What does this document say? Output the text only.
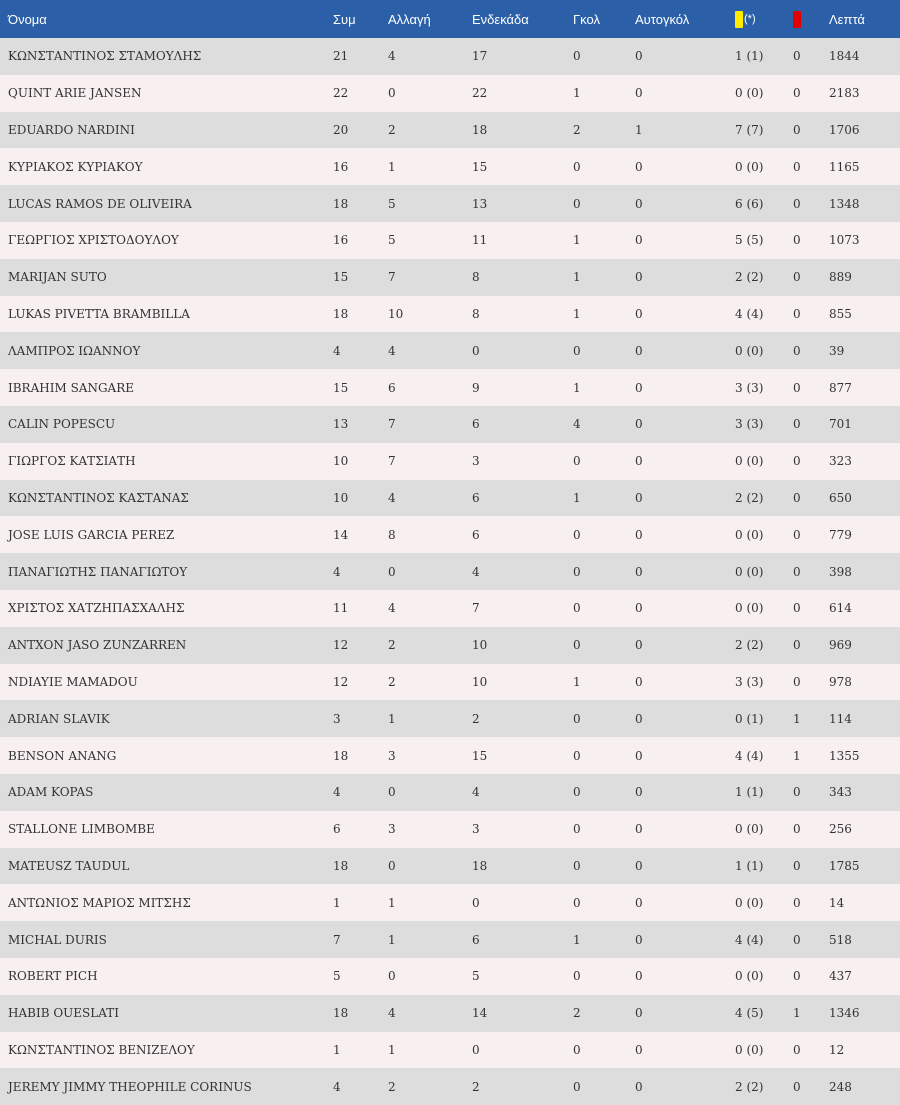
Όνομα	Συμ	Αλλαγή	Ενδεκάδα	Γκολ	Αυτογκόλ	(*)		Λεπτά
ΚΩΝΣΤΑΝΤΙΝΟΣ ΣΤΑΜΟΥΛΗΣ	21	4	17	0	0	1 (1)	0	1844
QUINT ARIE JANSEN	22	0	22	1	0	0 (0)	0	2183
EDUARDO NARDINI	20	2	18	2	1	7 (7)	0	1706
ΚΥΡΙΑΚΟΣ ΚΥΡΙΑΚΟΥ	16	1	15	0	0	0 (0)	0	1165
LUCAS RAMOS DE OLIVEIRA	18	5	13	0	0	6 (6)	0	1348
ΓΕΩΡΓΙΟΣ ΧΡΙΣΤΟΔΟΥΛΟΥ	16	5	11	1	0	5 (5)	0	1073
MARIJAN SUTO	15	7	8	1	0	2 (2)	0	889
LUKAS PIVETTA BRAMBILLA	18	10	8	1	0	4 (4)	0	855
ΛΑΜΠΡΟΣ ΙΩΑΝΝΟΥ	4	4	0	0	0	0 (0)	0	39
IBRAHIM SANGARE	15	6	9	1	0	3 (3)	0	877
CALIN POPESCU	13	7	6	4	0	3 (3)	0	701
ΓΙΩΡΓΟΣ ΚΑΤΣΙΑΤΗ	10	7	3	0	0	0 (0)	0	323
ΚΩΝΣΤΑΝΤΙΝΟΣ ΚΑΣΤΑΝΑΣ	10	4	6	1	0	2 (2)	0	650
JOSE LUIS GARCIA PEREZ	14	8	6	0	0	0 (0)	0	779
ΠΑΝΑΓΙΩΤΗΣ ΠΑΝΑΓΙΩΤΟΥ	4	0	4	0	0	0 (0)	0	398
ΧΡΙΣΤΟΣ ΧΑΤΖΗΠΑΣΧΑΛΗΣ	11	4	7	0	0	0 (0)	0	614
ANTXON JASO ZUNZARREN	12	2	10	0	0	2 (2)	0	969
NDIAYIE MAMADOU	12	2	10	1	0	3 (3)	0	978
ADRIAN SLAVIK	3	1	2	0	0	0 (1)	1	114
BENSON ANANG	18	3	15	0	0	4 (4)	1	1355
ADAM KOPAS	4	0	4	0	0	1 (1)	0	343
STALLONE LIMBOMBE	6	3	3	0	0	0 (0)	0	256
MATEUSZ TAUDUL	18	0	18	0	0	1 (1)	0	1785
ΑΝΤΩΝΙΟΣ ΜΑΡΙΟΣ ΜΙΤΣΗΣ	1	1	0	0	0	0 (0)	0	14
MICHAL DURIS	7	1	6	1	0	4 (4)	0	518
ROBERT PICH	5	0	5	0	0	0 (0)	0	437
HABIB OUESLATI	18	4	14	2	0	4 (5)	1	1346
ΚΩΝΣΤΑΝΤΙΝΟΣ ΒΕΝΙΖΕΛΟΥ	1	1	0	0	0	0 (0)	0	12
JEREMY JIMMY THEOPHILE CORINUS	4	2	2	0	0	2 (2)	0	248
